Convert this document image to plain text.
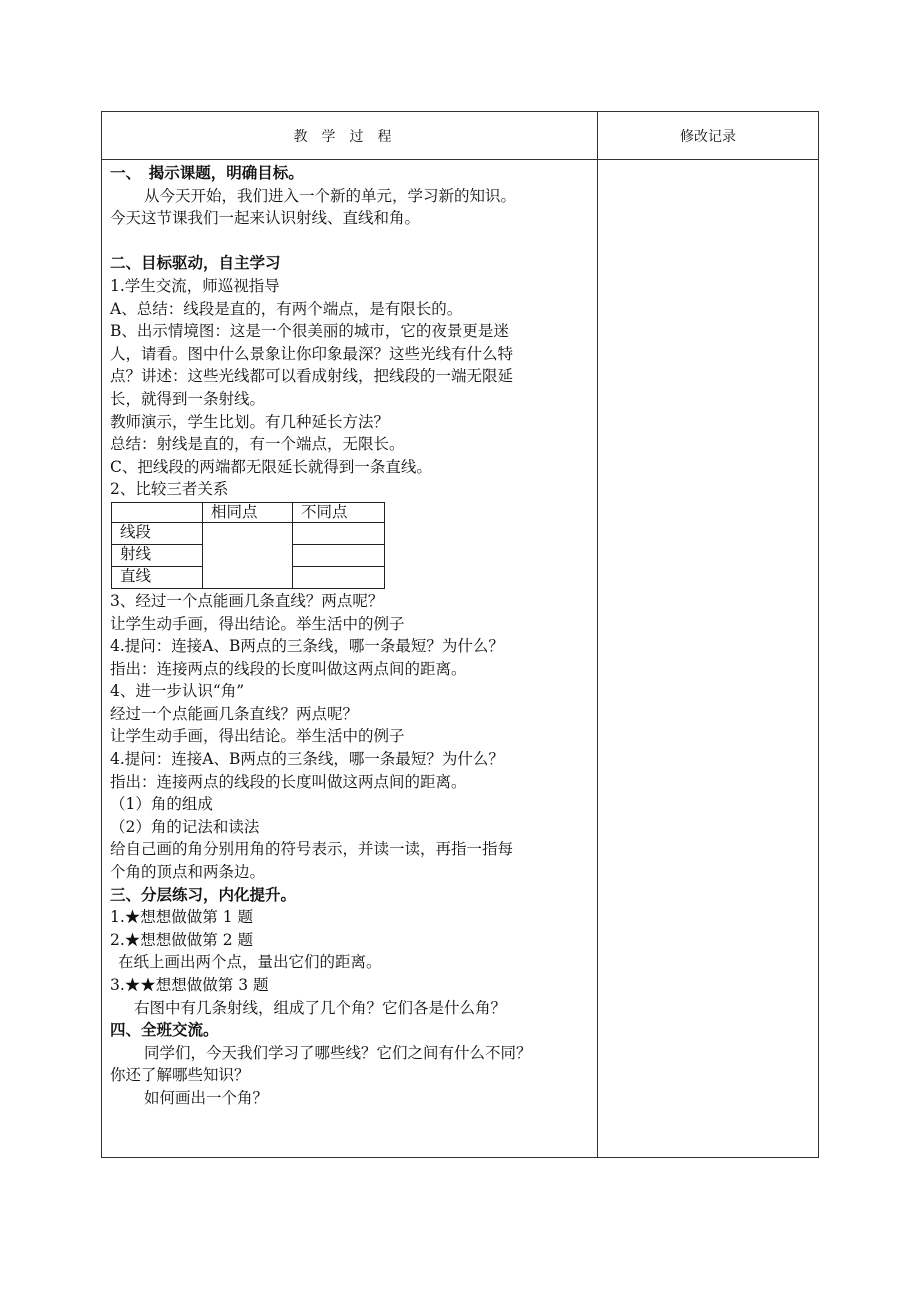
教学过程	修改记录
一、　揭示课题，明确目标。
从今天开始，我们进入一个新的单元，学习新的知识。
今天这节课我们一起来认识射线、直线和角。
二、目标驱动，自主学习
1.学生交流，师巡视指导
A、总结：线段是直的，有两个端点，是有限长的。
B、出示情境图：这是一个很美丽的城市，它的夜景更是迷
人，请看。图中什么景象让你印象最深？这些光线有什么特
点？讲述：这些光线都可以看成射线，把线段的一端无限延
长，就得到一条射线。
教师演示，学生比划。有几种延长方法？
总结：射线是直的，有一个端点，无限长。
C、把线段的两端都无限延长就得到一条直线。
2、比较三者关系
相同点	不同点
线段
射线
直线
3、经过一个点能画几条直线？两点呢？
让学生动手画，得出结论。举生活中的例子
4.提问：连接A、B两点的三条线，哪一条最短？为什么？
指出：连接两点的线段的长度叫做这两点间的距离。
4、进一步认识“角”
经过一个点能画几条直线？两点呢？
让学生动手画，得出结论。举生活中的例子
4.提问：连接A、B两点的三条线，哪一条最短？为什么？
指出：连接两点的线段的长度叫做这两点间的距离。
（1）角的组成
（2）角的记法和读法
给自己画的角分别用角的符号表示，并读一读，再指一指每
个角的顶点和两条边。
三、分层练习，内化提升。
1.★想想做做第 1 题
2.★想想做做第 2 题
在纸上画出两个点，量出它们的距离。
3.★★想想做做第 3 题
右图中有几条射线，组成了几个角？它们各是什么角？
四、全班交流。
同学们，今天我们学习了哪些线？它们之间有什么不同？
你还了解哪些知识？
如何画出一个角？
